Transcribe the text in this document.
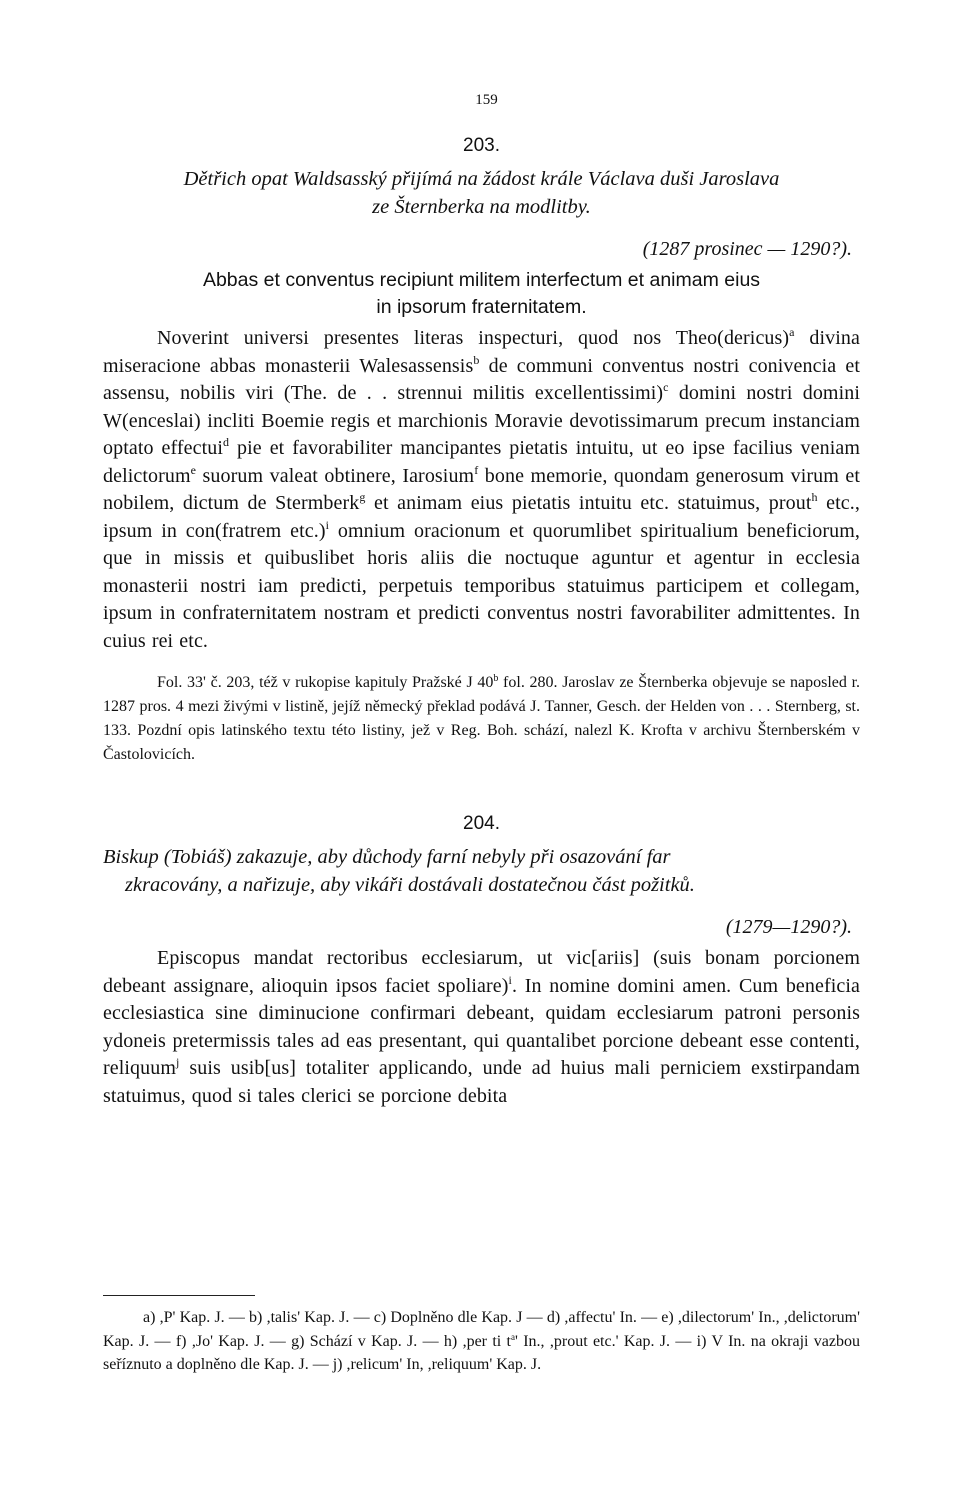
159
203.

Dětřich opat Waldsasský přijímá na žádost krále Václava duši Jaroslava
ze Šternberka na modlitby.

(1287 prosinec — 1290?).

Abbas et conventus recipiunt militem interfectum et animam eius
in ipsorum fraternitatem.

Noverint universi presentes literas inspecturi, quod nos Theo(dericus)$^a$ divina miseracione abbas monasterii Walesassensis$^b$ de communi conventus nostri conivencia et assensu, nobilis viri (The. de . . strennui militis excellentissimi)$^c$ domini nostri domini W(enceslai) incliti Boemie regis et marchionis Moravie devotissimarum precum instanciam optato effectui$^d$ pie et favorabiliter mancipantes pietatis intuitu, ut eo ipse facilius veniam delictorum$^e$ suorum valeat obtinere, Iarosium$^f$ bone memorie, quondam generosum virum et nobilem, dictum de Stermberk$^g$ et animam eius pietatis intuitu etc. statuimus, prout$^h$ etc., ipsum in con(fratrem etc.)$^i$ omnium oracionum et quorumlibet spiritualium beneficiorum, que in missis et quibuslibet horis aliis die noctuque aguntur et agentur in ecclesia monasterii nostri iam predicti, perpetuis temporibus statuimus participem et collegam, ipsum in confraternitatem nostram et predicti conventus nostri favorabiliter admittentes. In cuius rei etc.

Fol. 33' č. 203, též v rukopise kapituly Pražské J 40$^b$ fol. 280. Jaroslav ze Šternberka objevuje se naposled r. 1287 pros. 4 mezi živými v listině, jejíž německý překlad podává J. Tanner, Gesch. der Helden von . . . Sternberg, st. 133. Pozdní opis latinského textu této listiny, jež v Reg. Boh. schází, nalezl K. Krofta v archivu Šternberském v Častolovicích.

204.

Biskup (Tobiáš) zakazuje, aby důchody farní nebyly při osazování far
zkracovány, a nařizuje, aby vikáři dostávali dostatečnou část požitků.

(1279—1290?).

Episcopus mandat rectoribus ecclesiarum, ut vic[ariis] (suis bonam porcionem debeant assignare, alioquin ipsos faciet spoliare)$^i$. In nomine domini amen. Cum beneficia ecclesiastica sine diminucione confirmari debeant, quidam ecclesiarum patroni personis ydoneis pretermissis tales ad eas presentant, qui quantalibet porcione debeant esse contenti, reliquum$^j$ suis usib[us] totaliter applicando, unde ad huius mali perniciem exstirpandam statuimus, quod si tales clerici se porcione debita

a) ,P' Kap. J. — b) ,talis' Kap. J. — c) Doplněno dle Kap. J — d) ,affectu' In. — e) ,dilectorum' In., ,delictorum' Kap. J. — f) ,Jo' Kap. J. — g) Schází v Kap. J. — h) ,per ti $t^a'$ In., ,prout etc.' Kap. J. — i) V In. na okraji vazbou seříznuto a doplněno dle Kap. J. — j) ,relicum' In, ,reliquum' Kap. J.
